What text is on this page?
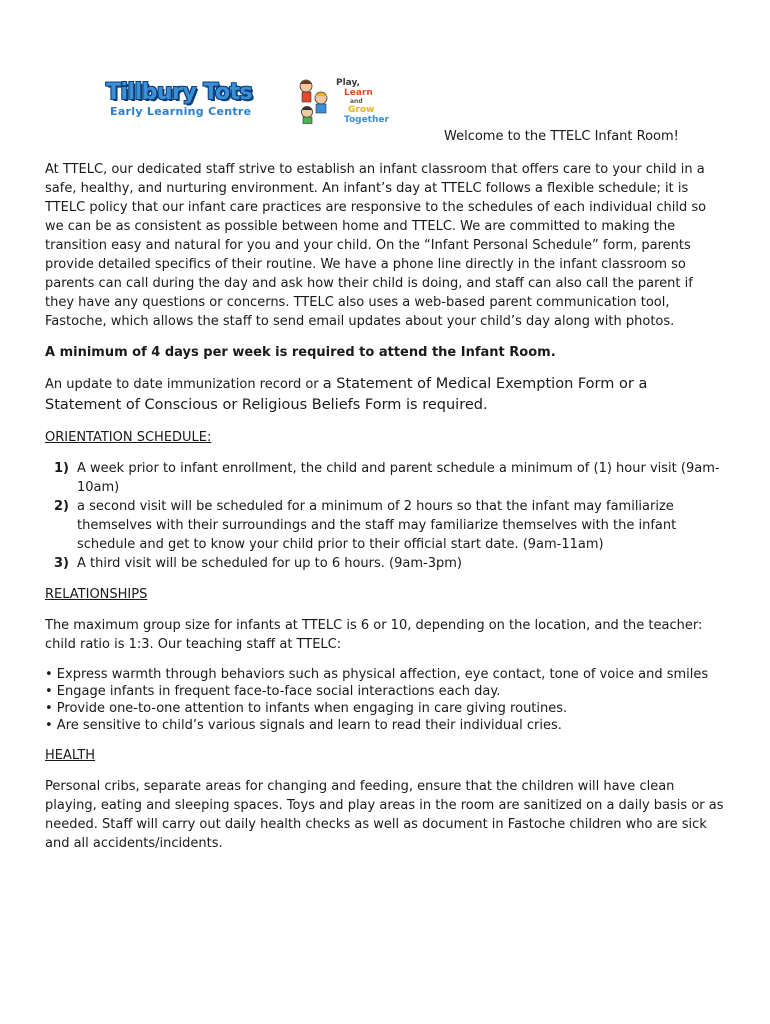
Tillbury Tots
Early Learning Centre
Play,
Learn
and
Grow
Together
Welcome to the TTELC Infant Room!

At TTELC, our dedicated staff strive to establish an infant classroom that offers care to your child in a safe, healthy, and nurturing environment. An infant’s day at TTELC follows a flexible schedule; it is TTELC policy that our infant care practices are responsive to the schedules of each individual child so we can be as consistent as possible between home and TTELC. We are committed to making the transition easy and natural for you and your child. On the “Infant Personal Schedule” form, parents provide detailed specifics of their routine. We have a phone line directly in the infant classroom so parents can call during the day and ask how their child is doing, and staff can also call the parent if they have any questions or concerns. TTELC also uses a web-based parent communication tool, Fastoche, which allows the staff to send email updates about your child’s day along with photos.

A minimum of 4 days per week is required to attend the Infant Room.

An update to date immunization record or a Statement of Medical Exemption Form or a Statement of Conscious or Religious Beliefs Form is required.

ORIENTATION SCHEDULE:

1) A week prior to infant enrollment, the child and parent schedule a minimum of (1) hour visit (9am-10am)
2) a second visit will be scheduled for a minimum of 2 hours so that the infant may familiarize themselves with their surroundings and the staff may familiarize themselves with the infant schedule and get to know your child prior to their official start date. (9am-11am)
3) A third visit will be scheduled for up to 6 hours. (9am-3pm)

RELATIONSHIPS

The maximum group size for infants at TTELC is 6 or 10, depending on the location, and the teacher: child ratio is 1:3. Our teaching staff at TTELC:

• Express warmth through behaviors such as physical affection, eye contact, tone of voice and smiles
• Engage infants in frequent face-to-face social interactions each day.
• Provide one-to-one attention to infants when engaging in care giving routines.
• Are sensitive to child’s various signals and learn to read their individual cries.

HEALTH

Personal cribs, separate areas for changing and feeding, ensure that the children will have clean playing, eating and sleeping spaces. Toys and play areas in the room are sanitized on a daily basis or as needed. Staff will carry out daily health checks as well as document in Fastoche children who are sick and all accidents/incidents.
